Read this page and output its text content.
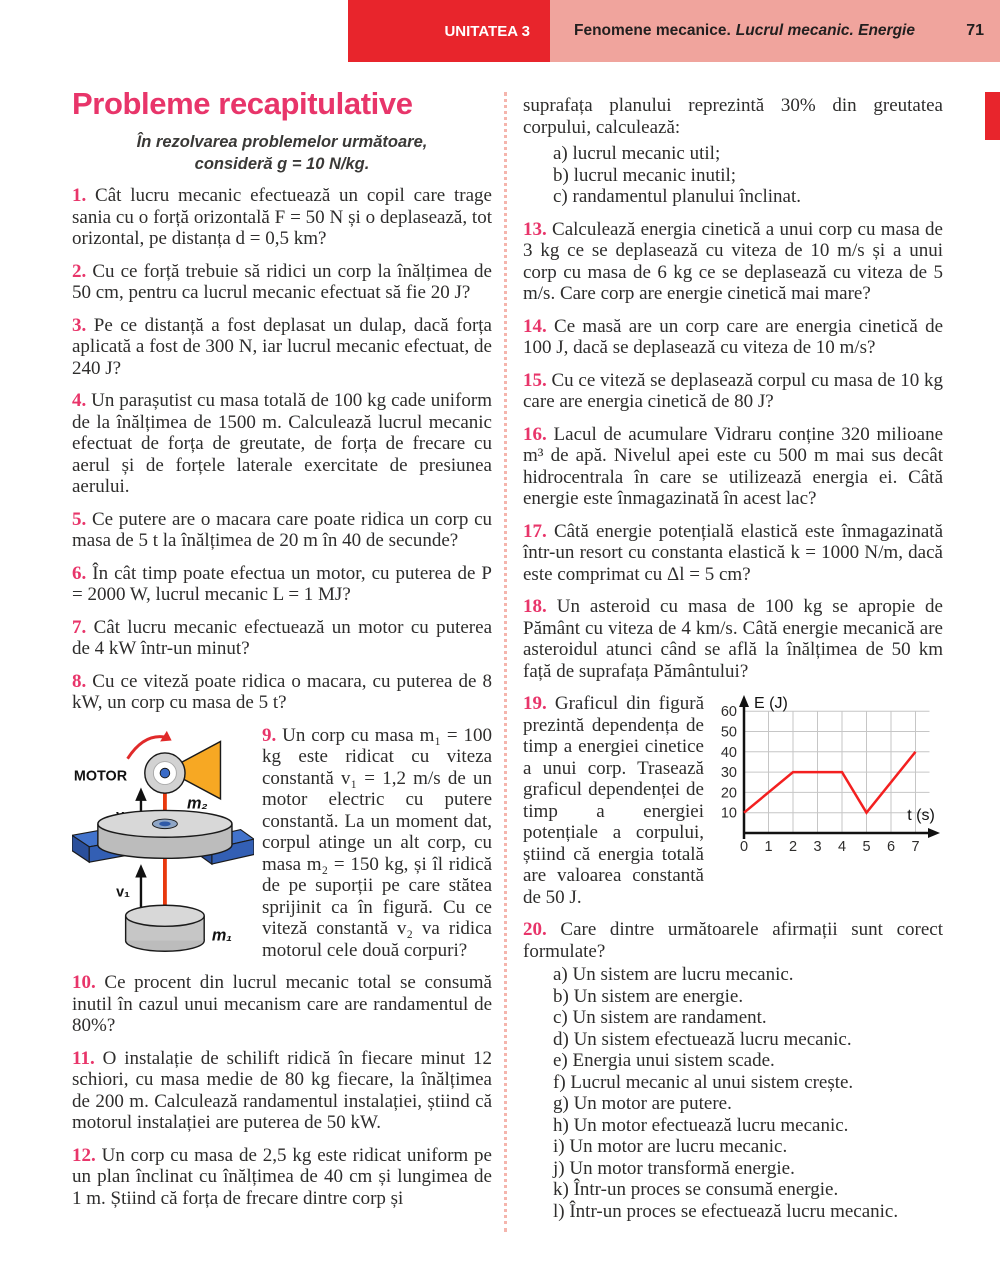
UNITATEA 3	Fenomene mecanice. Lucrul mecanic. Energie	71
Probleme recapitulative
În rezolvarea problemelor următoare,
consideră g = 10 N/kg.

1. Cât lucru mecanic efectuează un copil care trage sania cu o forță orizontală F = 50 N și o deplasează, tot orizontal, pe distanța d = 0,5 km?

2. Cu ce forță trebuie să ridici un corp la înălțimea de 50 cm, pentru ca lucrul mecanic efectuat să fie 20 J?

3. Pe ce distanță a fost deplasat un dulap, dacă forța aplicată a fost de 300 N, iar lucrul mecanic efectuat, de 240 J?

4. Un parașutist cu masa totală de 100 kg cade uniform de la înălțimea de 1500 m. Calculează lucrul mecanic efectuat de forța de greutate, de forța de frecare cu aerul și de forțele laterale exercitate de presiunea aerului.

5. Ce putere are o macara care poate ridica un corp cu masa de 5 t la înălțimea de 20 m în 40 de secunde?

6. În cât timp poate efectua un motor, cu puterea de P = 2000 W, lucrul mecanic L = 1 MJ?

7. Cât lucru mecanic efectuează un motor cu puterea de 4 kW într-un minut?

8. Cu ce viteză poate ridica o macara, cu puterea de 8 kW, un corp cu masa de 5 t?

MOTOR
m₂
v₁
m₁

9. Un corp cu masa m₁ = 100 kg este ridicat cu viteza constantă v₁ = 1,2 m/s de un motor electric cu putere constantă. La un moment dat, corpul atinge un alt corp, cu masa m₂ = 150 kg, și îl ridică de pe suporții pe care stătea sprijinit ca în figură. Cu ce viteză constantă v₂ va ridica motorul cele două corpuri?

10. Ce procent din lucrul mecanic total se consumă inutil în cazul unui mecanism care are randamentul de 80%?

11. O instalație de schilift ridică în fiecare minut 12 schiori, cu masa medie de 80 kg fiecare, la înălțimea de 200 m. Calculează randamentul instalației, știind că motorul instalației are puterea de 50 kW.

12. Un corp cu masa de 2,5 kg este ridicat uniform pe un plan înclinat cu înălțimea de 40 cm și lungimea de 1 m. Știind că forța de frecare dintre corp și

suprafața planului reprezintă 30% din greutatea corpului, calculează:

a) lucrul mecanic util;
b) lucrul mecanic inutil;
c) randamentul planului înclinat.

13. Calculează energia cinetică a unui corp cu masa de 3 kg ce se deplasează cu viteza de 10 m/s și a unui corp cu masa de 6 kg ce se deplasează cu viteza de 5 m/s. Care corp are energie cinetică mai mare?

14. Ce masă are un corp care are energia cinetică de 100 J, dacă se deplasează cu viteza de 10 m/s?

15. Cu ce viteză se deplasează corpul cu masa de 10 kg care are energia cinetică de 80 J?

16. Lacul de acumulare Vidraru conține 320 milioane m³ de apă. Nivelul apei este cu 500 m mai sus decât hidrocentrala în care se utilizează energia ei. Câtă energie este înmagazinată în acest lac?

17. Câtă energie potențială elastică este înmagazinată într-un resort cu constanta elastică k = 1000 N/m, dacă este comprimat cu Δl = 5 cm?

18. Un asteroid cu masa de 100 kg se apropie de Pământ cu viteza de 4 km/s. Câtă energie mecanică are asteroidul atunci când se află la înălțimea de 50 km față de suprafața Pământului?

10
20
30
40
50
60
0 1 2 3 4 5 6 7
E (J)
t (s)

19. Graficul din figură prezintă dependența de timp a energiei cinetice a unui corp. Trasează graficul dependenței de timp a energiei potențiale a corpului, știind că energia totală are valoarea constantă de 50 J.

20. Care dintre următoarele afirmații sunt corect formulate?

a) Un sistem are lucru mecanic.
b) Un sistem are energie.
c) Un sistem are randament.
d) Un sistem efectuează lucru mecanic.
e) Energia unui sistem scade.
f) Lucrul mecanic al unui sistem crește.
g) Un motor are putere.
h) Un motor efectuează lucru mecanic.
i) Un motor are lucru mecanic.
j) Un motor transformă energie.
k) Într-un proces se consumă energie.
l) Într-un proces se efectuează lucru mecanic.
